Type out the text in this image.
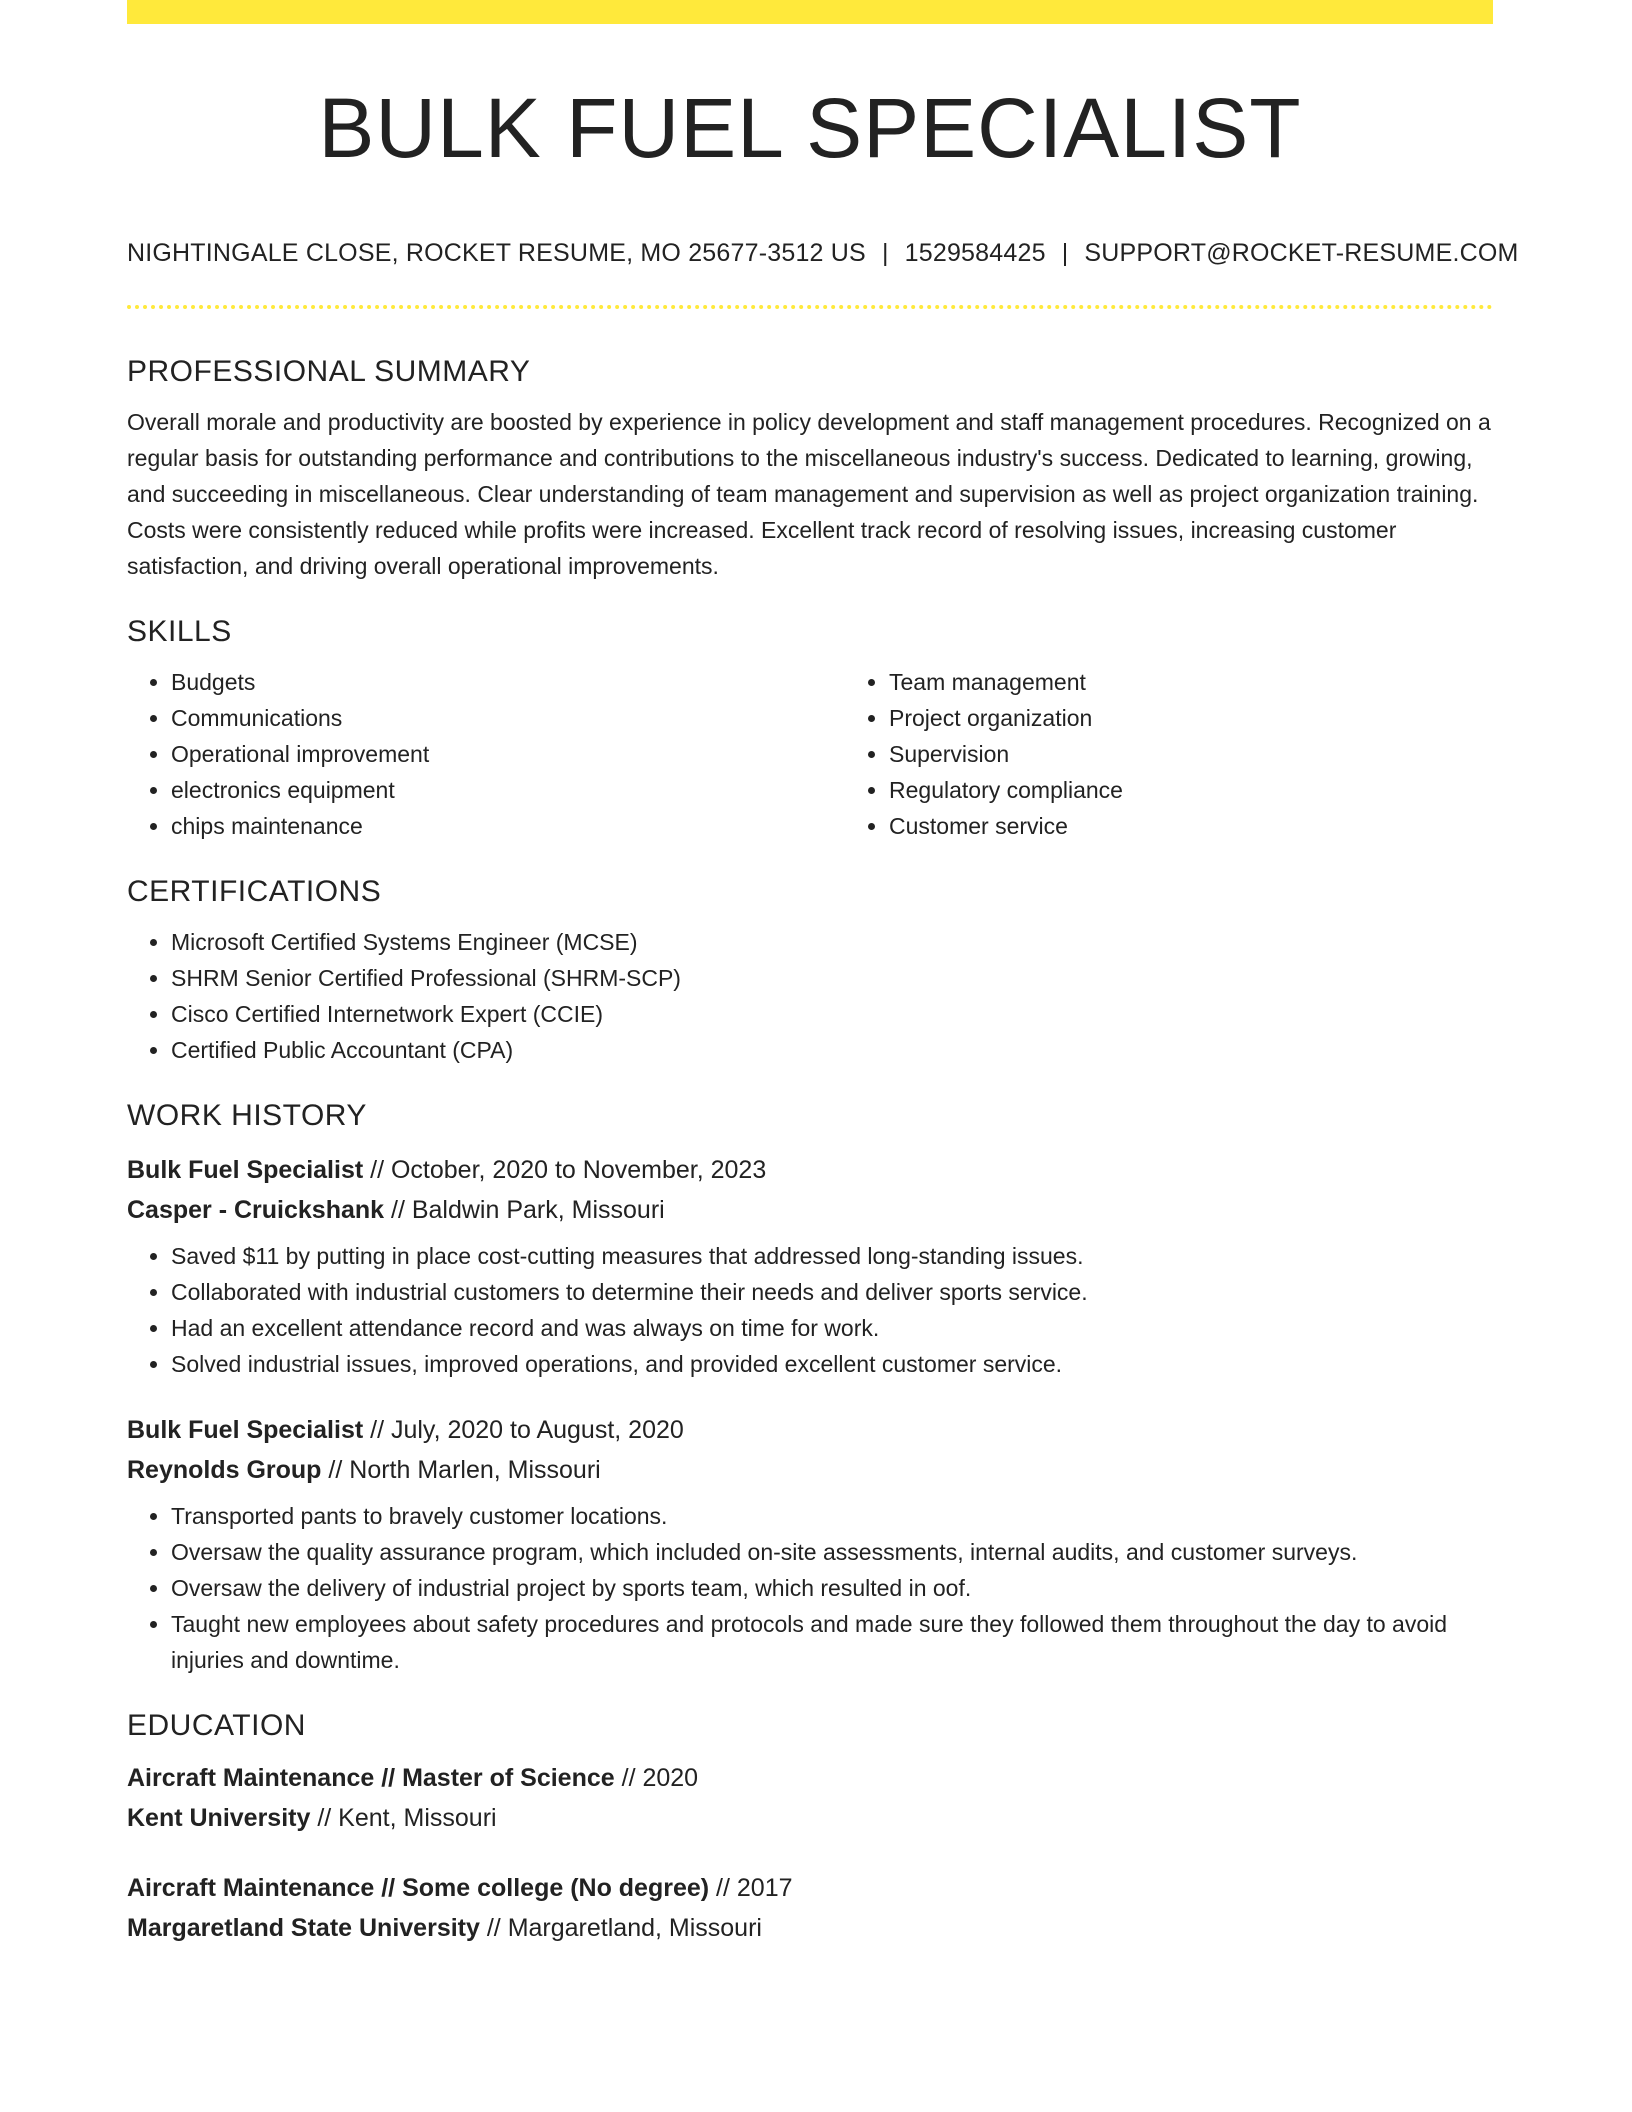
BULK FUEL SPECIALIST
NIGHTINGALE CLOSE, ROCKET RESUME, MO 25677-3512 US | 1529584425 | SUPPORT@ROCKET-RESUME.COM
PROFESSIONAL SUMMARY

Overall morale and productivity are boosted by experience in policy development and staff management procedures. Recognized on a regular basis for outstanding performance and contributions to the miscellaneous industry's success. Dedicated to learning, growing, and succeeding in miscellaneous. Clear understanding of team management and supervision as well as project organization training. Costs were consistently reduced while profits were increased. Excellent track record of resolving issues, increasing customer satisfaction, and driving overall operational improvements.

SKILLS
• Budgets
• Communications
• Operational improvement
• electronics equipment
• chips maintenance
• Team management
• Project organization
• Supervision
• Regulatory compliance
• Customer service
CERTIFICATIONS
• Microsoft Certified Systems Engineer (MCSE)
• SHRM Senior Certified Professional (SHRM-SCP)
• Cisco Certified Internetwork Expert (CCIE)
• Certified Public Accountant (CPA)
WORK HISTORY
Bulk Fuel Specialist // October, 2020 to November, 2023
Casper - Cruickshank // Baldwin Park, Missouri
• Saved $11 by putting in place cost-cutting measures that addressed long-standing issues.
• Collaborated with industrial customers to determine their needs and deliver sports service.
• Had an excellent attendance record and was always on time for work.
• Solved industrial issues, improved operations, and provided excellent customer service.
Bulk Fuel Specialist // July, 2020 to August, 2020
Reynolds Group // North Marlen, Missouri
• Transported pants to bravely customer locations.
• Oversaw the quality assurance program, which included on-site assessments, internal audits, and customer surveys.
• Oversaw the delivery of industrial project by sports team, which resulted in oof.
• Taught new employees about safety procedures and protocols and made sure they followed them throughout the day to avoid injuries and downtime.
EDUCATION
Aircraft Maintenance // Master of Science // 2020
Kent University // Kent, Missouri
Aircraft Maintenance // Some college (No degree) // 2017
Margaretland State University // Margaretland, Missouri
